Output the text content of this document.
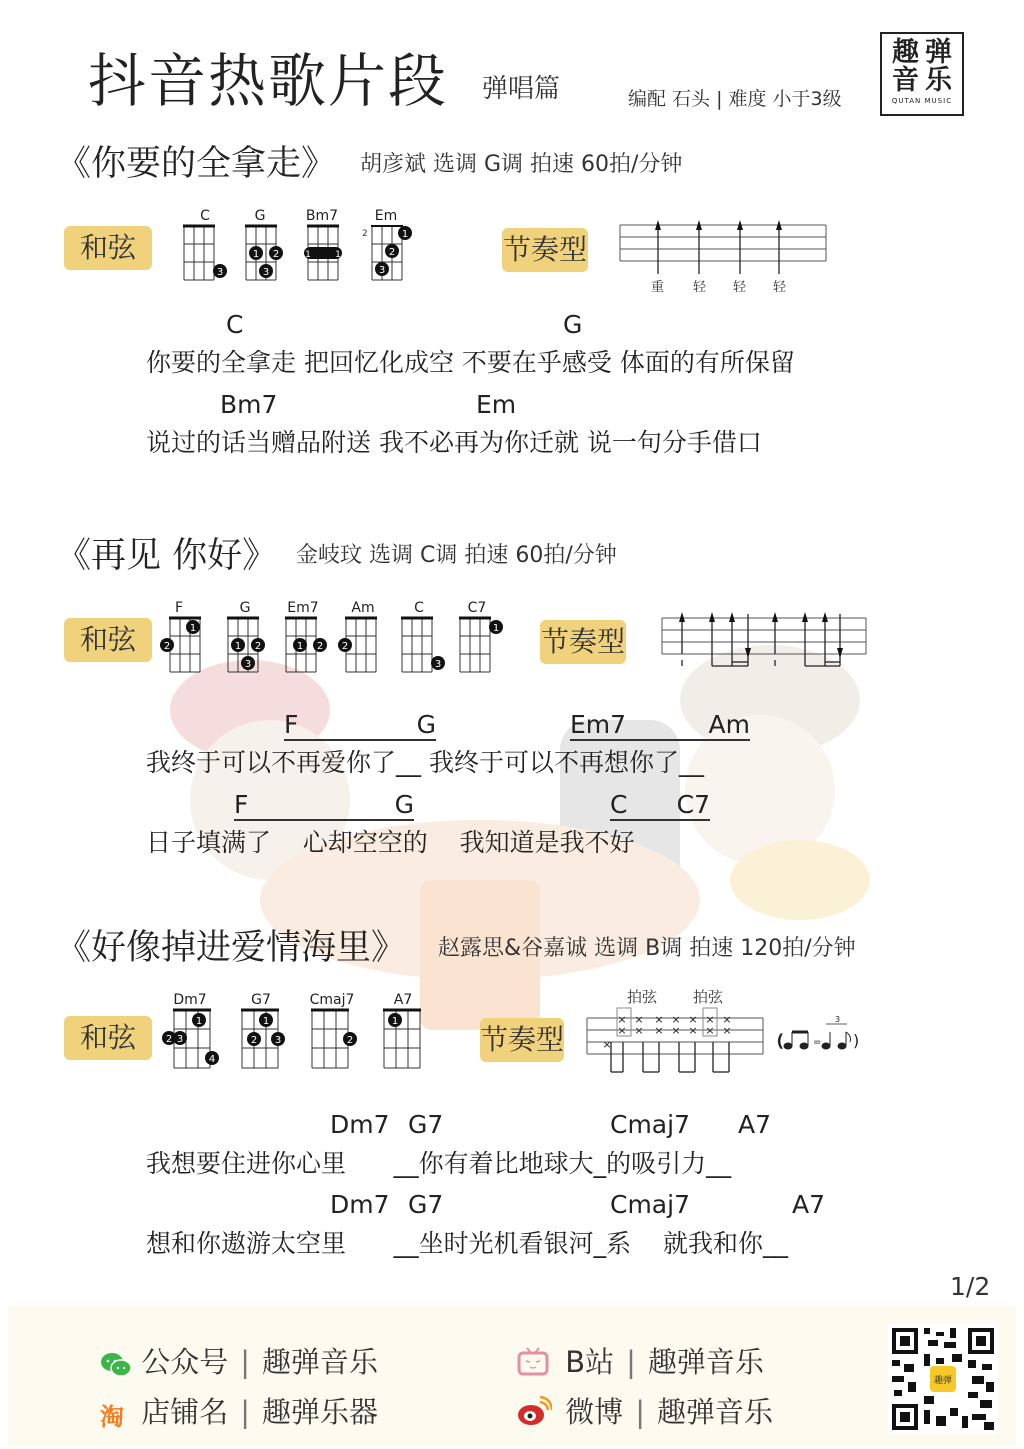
抖音热歌片段 弹唱篇	编配 石头 | 难度 小于3级
趣弹
音乐
QUTAN MUSIC
《你要的全拿走》 胡彦斌 选调 G调 拍速 60拍/分钟
和弦
C
3
G
1 2
3
Bm7
1	1
Em
2	1
2
3
节奏型
重 轻 轻 轻
C	G
你要的全拿走 把回忆化成空 不要在乎感受 体面的有所保留
Bm7	Em
说过的话当赠品附送 我不必再为你迁就 说一句分手借口
《再见 你好》 金岐玟 选调 C调 拍速 60拍/分钟
和弦
F
1
2
G
1 2
3
Em7
1 2
Am
2
C
3
C7
1 节奏型
F	G	Em7	Am
我终于可以不再爱你了__ 我终于可以不再想你了__
F	G	C C7
日子填满了    心却空空的    我知道是我不好
《好像掉进爱情海里》 赵露思&谷嘉诚 选调 B调 拍速 120拍/分钟
和弦
Dm7
1
2 3
4
G7
1
2 3
Cmaj7
2
A7
1
节奏型
拍弦 拍弦
×
×
×
×
×
×
×
×
×
×
×
×
×
×
×
(	=
3
)
Dm7 G7	Cmaj7 A7
我想要住进你心里      __你有着比地球大_的吸引力__
Dm7 G7	Cmaj7	A7
想和你遨游太空里      __坐时光机看银河_系    就我和你__
1/2
公众号 | 趣弹音乐
淘 店铺名 | 趣弹乐器
B站 | 趣弹音乐
微博 | 趣弹音乐
趣弹
